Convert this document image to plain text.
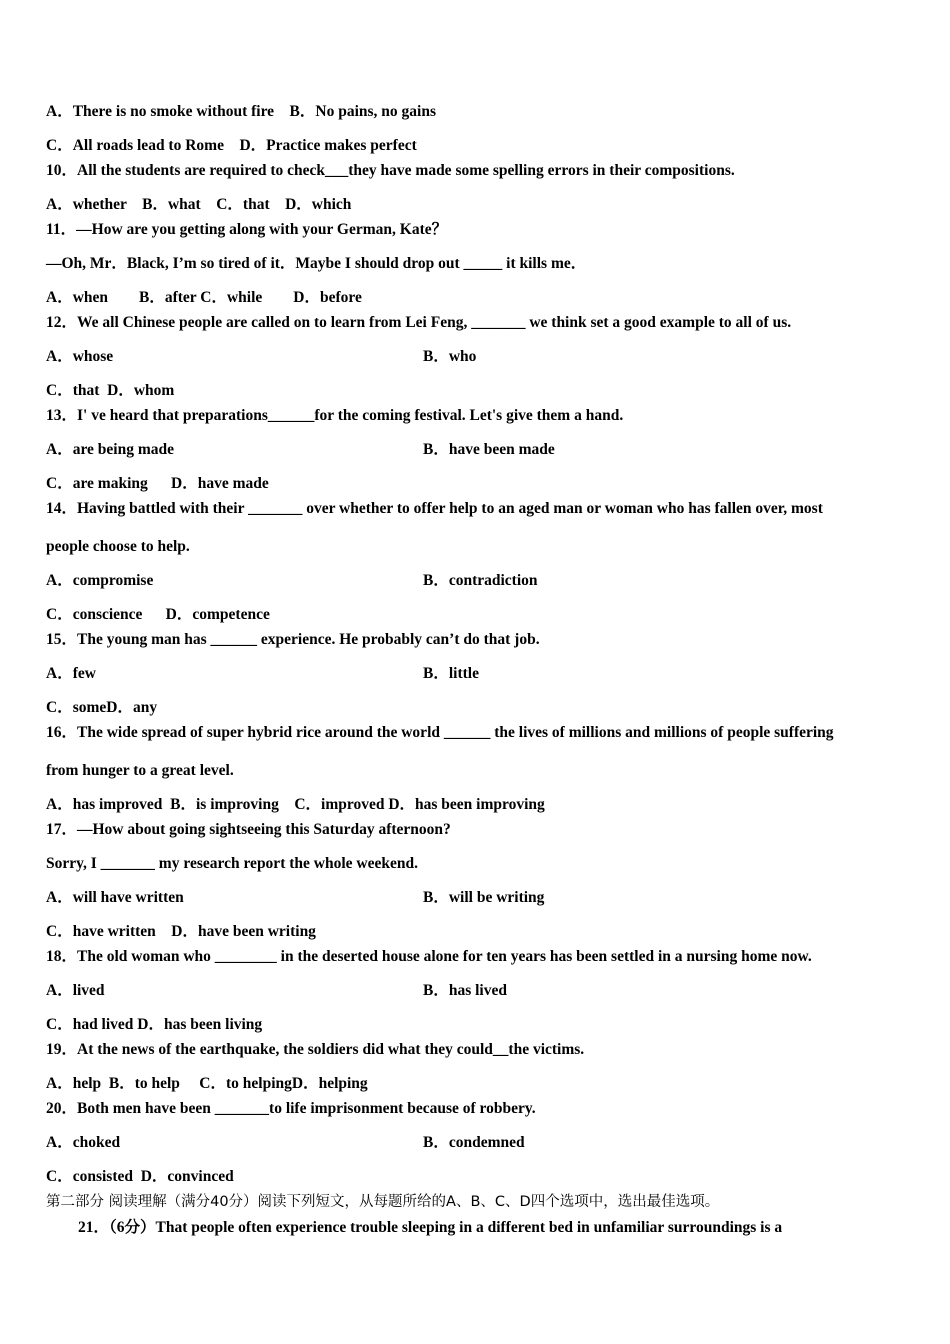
A．There is no smoke without fire    B．No pains, no gains
C．All roads lead to Rome    D．Practice makes perfect
10．All the students are required to check___they have made some spelling errors in their compositions.
A．whether    B．what    C．that    D．which
11．—How are you getting along with your German, Kate？
—Oh, Mr．Black, I’m so tired of it．Maybe I should drop out _____ it kills me．
A．when        B．after C．while        D．before
12．We all Chinese people are called on to learn from Lei Feng, _______ we think set a good example to all of us.
A．whose	B．who
C．that  D．whom
13．I' ve heard that preparations______for the coming festival. Let's give them a hand.
A．are being made	B．have been made
C．are making      D．have made
14．Having battled with their _______ over whether to offer help to an aged man or woman who has fallen over, most
people choose to help.
A．compromise	B．contradiction
C．conscience      D．competence
15．The young man has ______ experience. He probably can’t do that job.
A．few	B．little
C．someD．any
16．The wide spread of super hybrid rice around the world ______ the lives of millions and millions of people suffering
from hunger to a great level.
A．has improved  B．is improving    C．improved D．has been improving
17．—How about going sightseeing this Saturday afternoon?
Sorry, I _______ my research report the whole weekend.
A．will have written	B．will be writing
C．have written    D．have been writing
18．The old woman who ________ in the deserted house alone for ten years has been settled in a nursing home now.
A．lived	B．has lived
C．had lived D．has been living
19．At the news of the earthquake, the soldiers did what they could__the victims.
A．help  B．to help     C．to helpingD．helping
20．Both men have been _______to life imprisonment because of robbery.
A．choked	B．condemned
C．consisted  D．convinced
第二部分 阅读理解（满分40分）阅读下列短文，从每题所给的A、B、C、D四个选项中，选出最佳选项。
21．（6分）That people often experience trouble sleeping in a different bed in unfamiliar surroundings is a
